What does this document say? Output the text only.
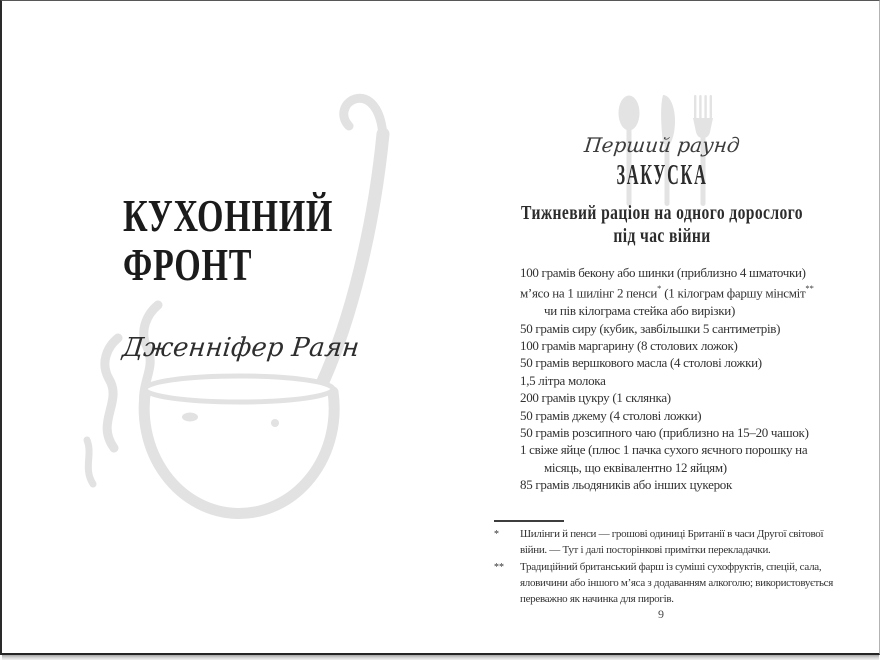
КУХОННИЙ
ФРОНТ
Дженніфер Раян
Перший раунд
ЗАКУСКА
Тижневий раціон на одного дорослого
під час війни
100 грамів бекону або шинки (приблизно 4 шматочки)
м’ясо на 1 шилінг 2 пенси* (1 кілограм фаршу мінсміт**
чи пів кілограма стейка або вирізки)
50 грамів сиру (кубик, завбільшки 5 сантиметрів)
100 грамів маргарину (8 столових ложок)
50 грамів вершкового масла (4 столові ложки)
1,5 літра молока
200 грамів цукру (1 склянка)
50 грамів джему (4 столові ложки)
50 грамів розсипного чаю (приблизно на 15–20 чашок)
1 свіже яйце (плюс 1 пачка сухого яєчного порошку на
місяць, що еквівалентно 12 яйцям)
85 грамів льодяників або інших цукерок
*	Шилінги й пенси — грошові одиниці Британії в часи Другої світової
війни. — Тут і далі посторінкові примітки перекладачки.
**	Традиційний британський фарш із суміші сухофруктів, спецій, сала,
яловичини або іншого м’яса з додаванням алкоголю; використовується
переважно як начинка для пирогів.
9
